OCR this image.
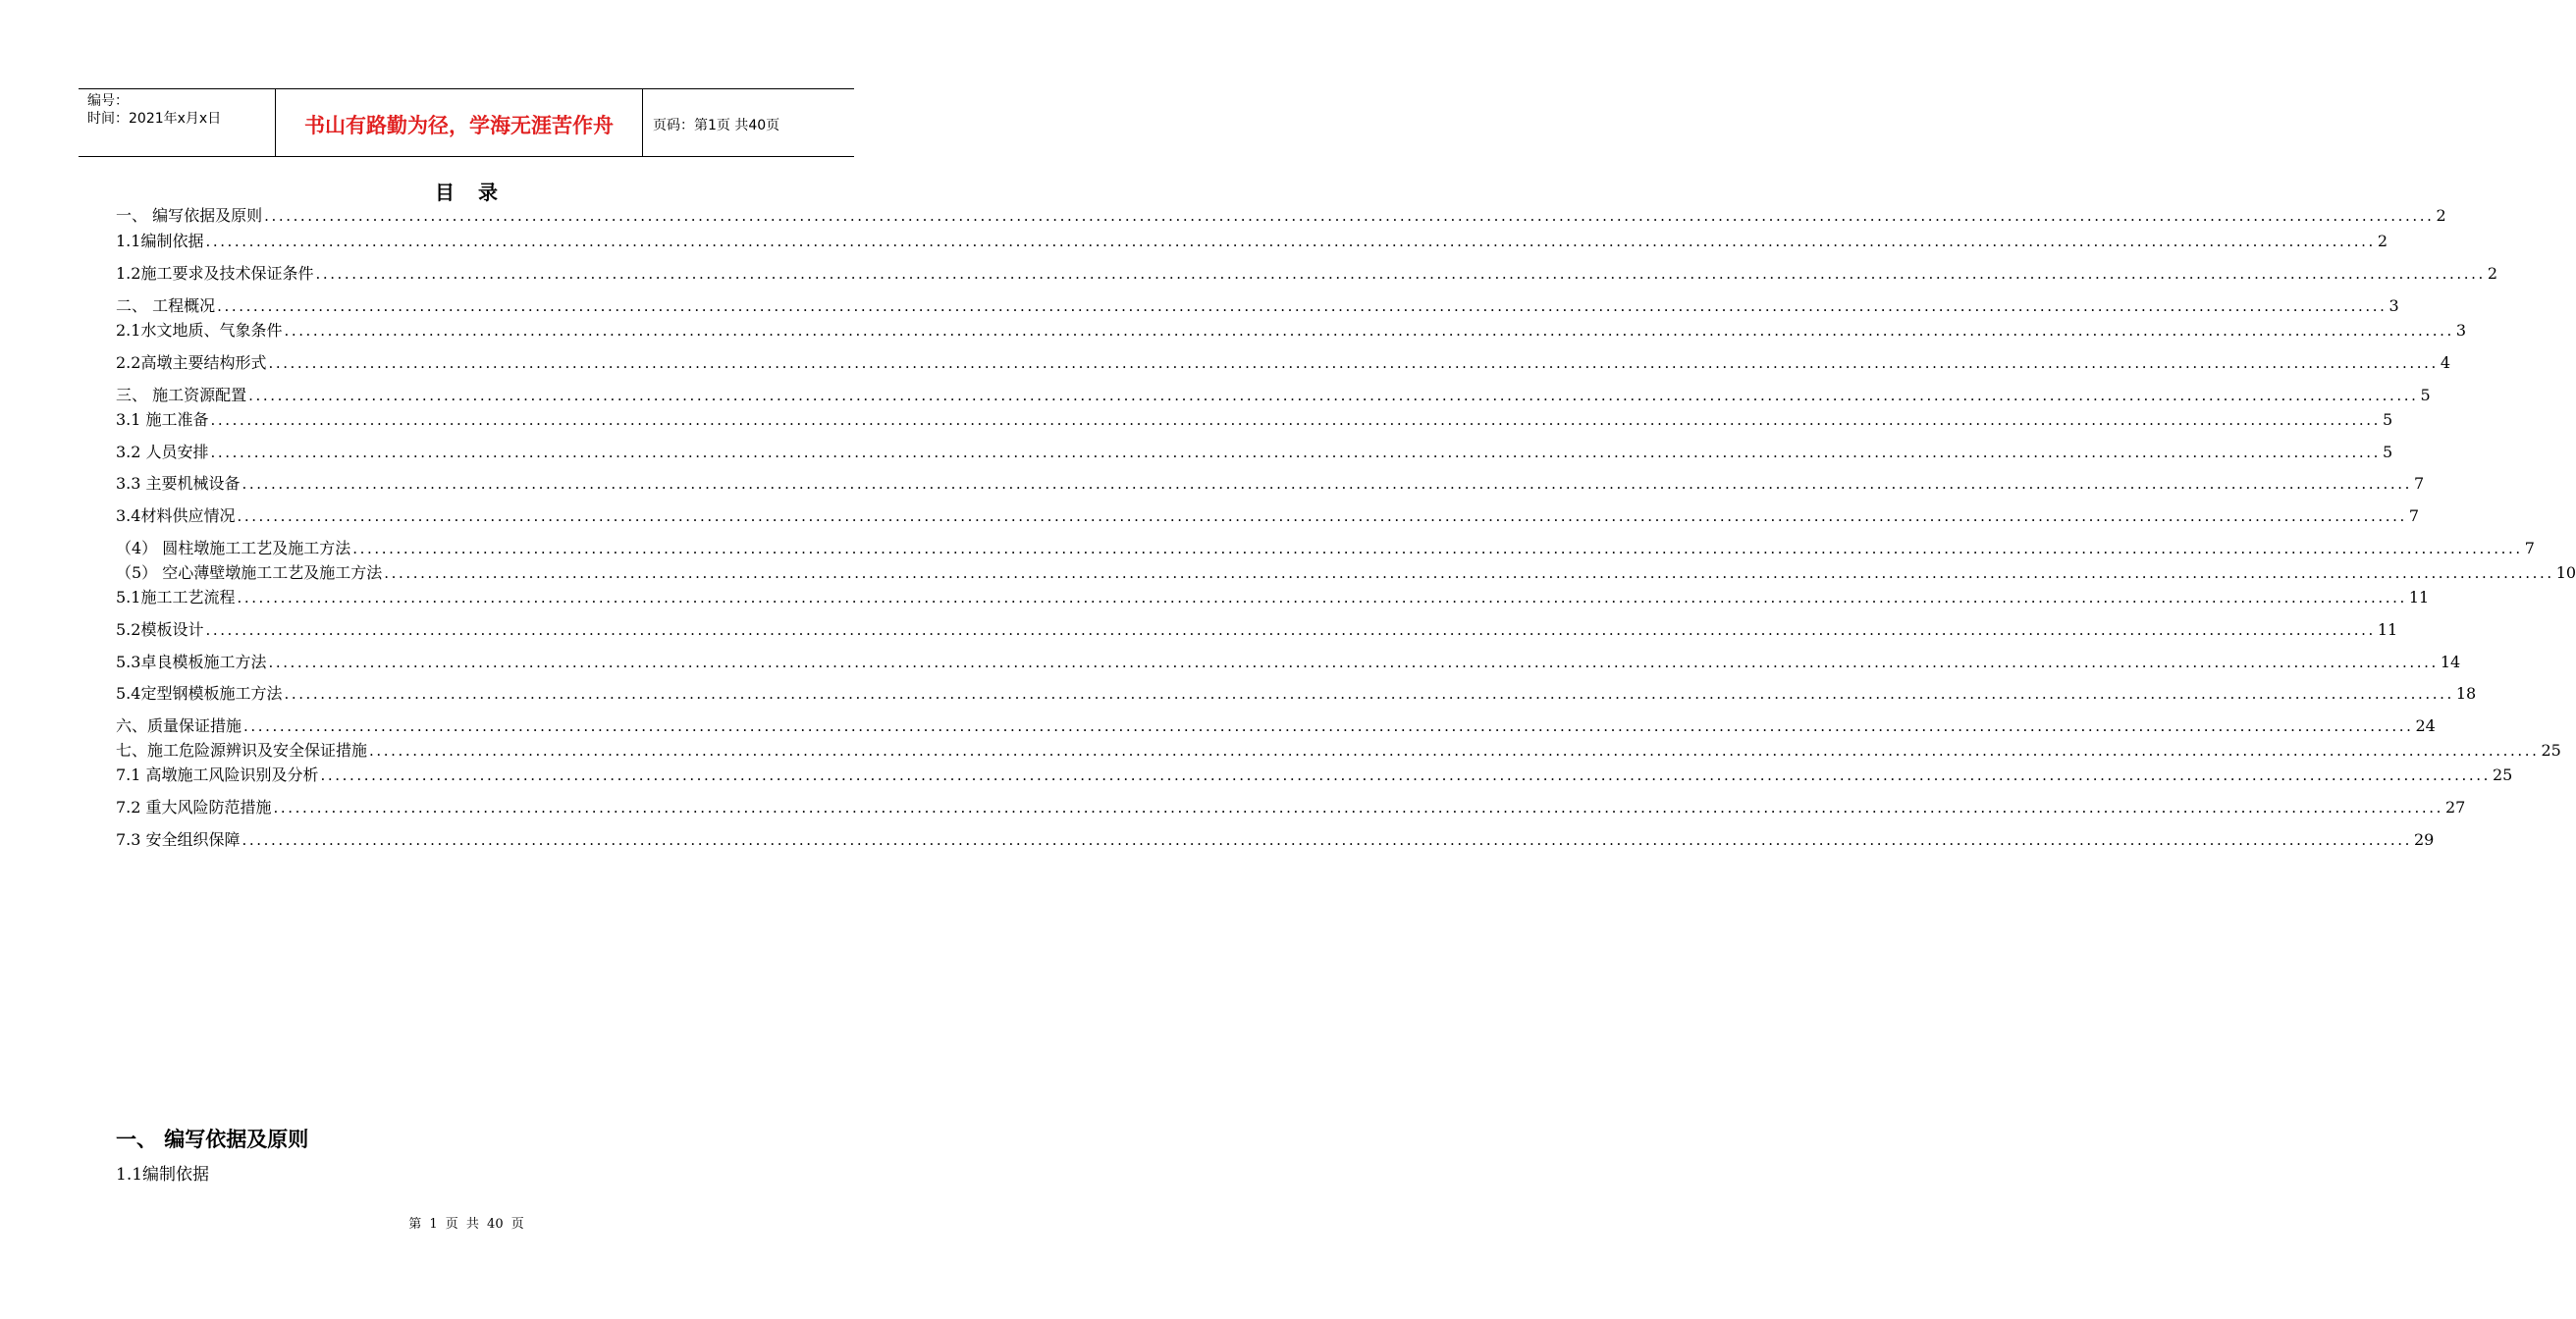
编号：
时间：2021年x月x日	书山有路勤为径，学海无涯苦作舟	页码：第1页 共40页
目录
一、 编写依据及原则 ............................................................................................................................................................................................................................................................................................................ 2
1.1编制依据 ............................................................................................................................................................................................................................................................................................................ 2
1.2施工要求及技术保证条件 ............................................................................................................................................................................................................................................................................................................ 2
二、 工程概况 ............................................................................................................................................................................................................................................................................................................ 3
2.1水文地质、气象条件 ............................................................................................................................................................................................................................................................................................................ 3
2.2高墩主要结构形式 ............................................................................................................................................................................................................................................................................................................ 4
三、 施工资源配置 ............................................................................................................................................................................................................................................................................................................ 5
3.1 施工准备 ............................................................................................................................................................................................................................................................................................................ 5
3.2 人员安排 ............................................................................................................................................................................................................................................................................................................ 5
3.3 主要机械设备 ............................................................................................................................................................................................................................................................................................................ 7
3.4材料供应情况 ............................................................................................................................................................................................................................................................................................................ 7
（4） 圆柱墩施工工艺及施工方法 ............................................................................................................................................................................................................................................................................................................ 7
（5） 空心薄壁墩施工工艺及施工方法 ............................................................................................................................................................................................................................................................................................................ 10
5.1施工工艺流程 ............................................................................................................................................................................................................................................................................................................ 11
5.2模板设计 ............................................................................................................................................................................................................................................................................................................ 11
5.3卓良模板施工方法 ............................................................................................................................................................................................................................................................................................................ 14
5.4定型钢模板施工方法 ............................................................................................................................................................................................................................................................................................................ 18
六、质量保证措施 ............................................................................................................................................................................................................................................................................................................ 24
七、施工危险源辨识及安全保证措施 ............................................................................................................................................................................................................................................................................................................ 25
7.1 高墩施工风险识别及分析 ............................................................................................................................................................................................................................................................................................................ 25
7.2 重大风险防范措施 ............................................................................................................................................................................................................................................................................................................ 27
7.3 安全组织保障 ............................................................................................................................................................................................................................................................................................................ 29
一、 编写依据及原则
1.1编制依据
第 1 页 共 40 页
